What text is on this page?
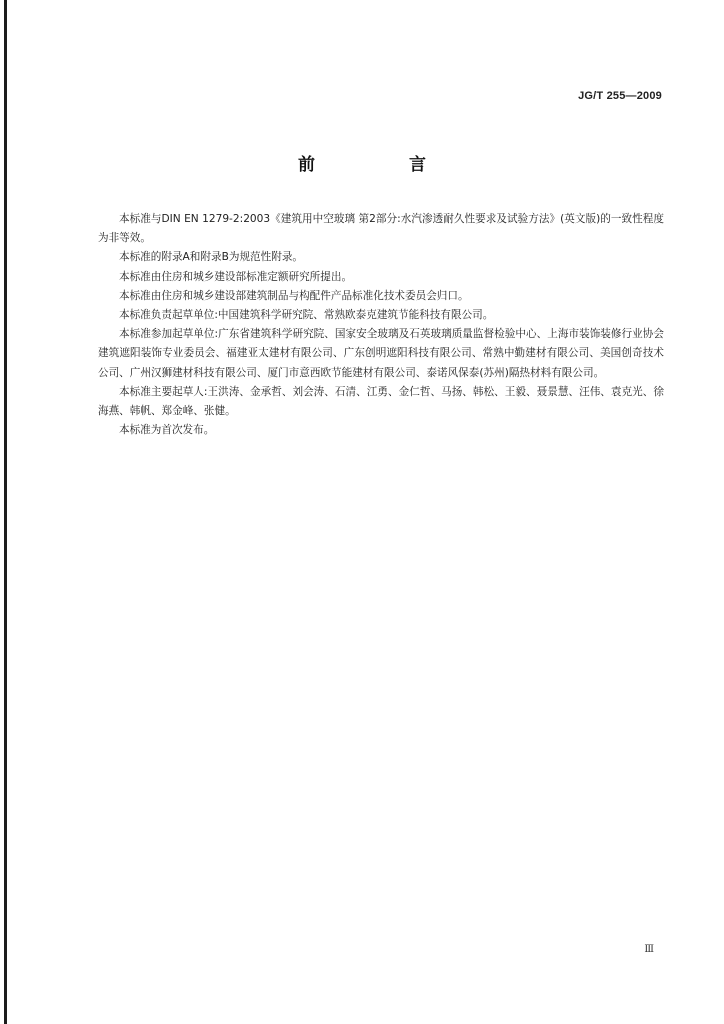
JG/T 255—2009
前 言

本标准与DIN EN 1279-2:2003《建筑用中空玻璃 第2部分:水汽渗透耐久性要求及试验方法》(英文版)的一致性程度为非等效。

本标准的附录A和附录B为规范性附录。

本标准由住房和城乡建设部标准定额研究所提出。

本标准由住房和城乡建设部建筑制品与构配件产品标准化技术委员会归口。

本标准负责起草单位:中国建筑科学研究院、常熟欧泰克建筑节能科技有限公司。

本标准参加起草单位:广东省建筑科学研究院、国家安全玻璃及石英玻璃质量监督检验中心、上海市装饰装修行业协会建筑遮阳装饰专业委员会、福建亚太建材有限公司、广东创明遮阳科技有限公司、常熟中勤建材有限公司、美国创奇技术公司、广州汉狮建材科技有限公司、厦门市意西欧节能建材有限公司、泰诺风保泰(苏州)隔热材料有限公司。

本标准主要起草人:王洪涛、金承哲、刘会涛、石清、江勇、金仁哲、马扬、韩松、王毅、聂景慧、汪伟、袁克光、徐海燕、韩帆、郑金峰、张健。

本标准为首次发布。

Ⅲ
